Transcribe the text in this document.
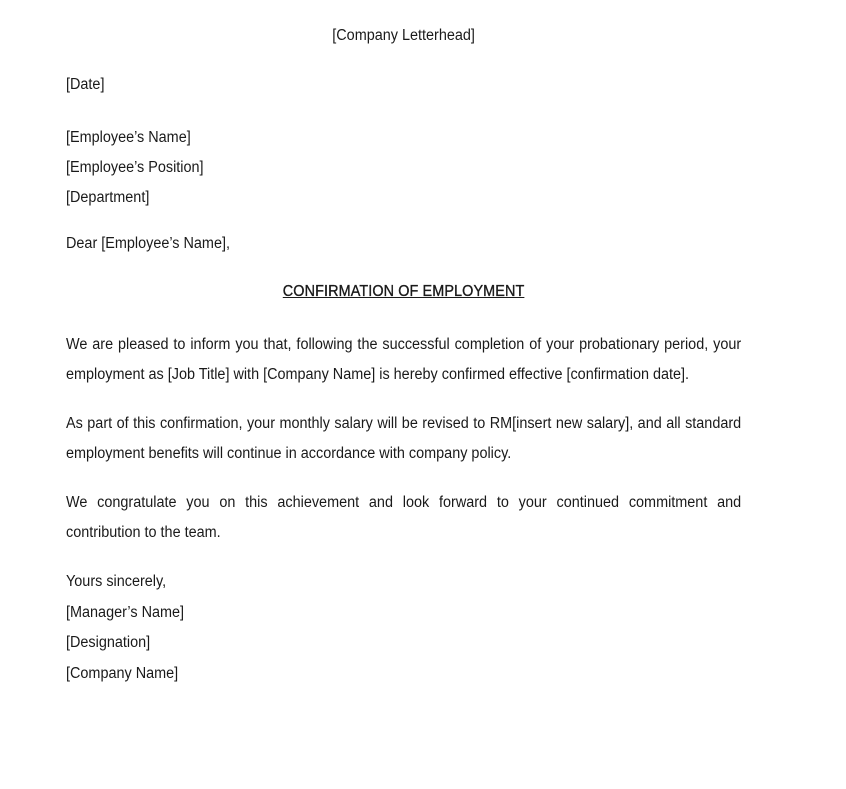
[Company Letterhead]
[Date]
[Employee’s Name]
[Employee’s Position]
[Department]
Dear [Employee’s Name],
CONFIRMATION OF EMPLOYMENT

We are pleased to inform you that, following the successful completion of your probationary period, your employment as [Job Title] with [Company Name] is hereby confirmed effective [confirmation date].

As part of this confirmation, your monthly salary will be revised to RM[insert new salary], and all standard employment benefits will continue in accordance with company policy.

We congratulate you on this achievement and look forward to your continued commitment and contribution to the team.

Yours sincerely,
[Manager’s Name]
[Designation]
[Company Name]
